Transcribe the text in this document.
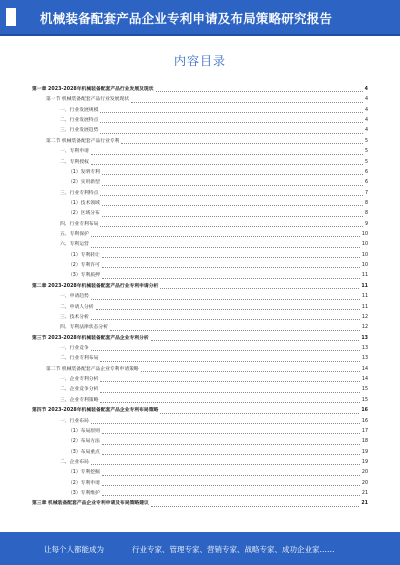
机械装备配套产品企业专利申请及布局策略研究报告
内容目录
第一章 2023-2028年机械装备配套产品行业发展及现状	4
第一节 机械装备配套产品行业发展现状	4
一、行业发展规模	4
二、行业发展特点	4
三、行业发展趋势	4
第二节 机械装备配套产品行业专利	5
一、专利申请	5
二、专利授权	5
（1）发明专利	6
（2）实用新型	6
三、行业专利特点	7
（1）技术领域	8
（2）区域分布	8
四、行业专利布局	9
五、专利保护	10
六、专利运营	10
（1）专利转让	10
（2）专利许可	10
（3）专利质押	11
第二章 2023-2028年机械装备配套产品行业专利申请分析	11
一、申请趋势	11
二、申请人分析	11
三、技术分析	12
四、专利法律状态分析	12
第三节 2023-2028年机械装备配套产品企业专利分析	13
一、行业竞争	13
二、行业专利布局	13
第二节 机械装备配套产品企业专利申请策略	14
一、企业专利分析	14
二、企业竞争分析	15
三、企业专利策略	15
第四节 2023-2028年机械装备配套产品企业专利布局策略	16
一、行业布局	16
（1）布局原则	17
（2）布局方法	18
（3）布局重点	19
二、企业布局	19
（1）专利挖掘	20
（2）专利申请	20
（3）专利维护	21
第三章 机械装备配套产品企业专利申请及布局策略建议	21
让每个人都能成为	行业专家、管理专家、营销专家、战略专家、成功企业家……
